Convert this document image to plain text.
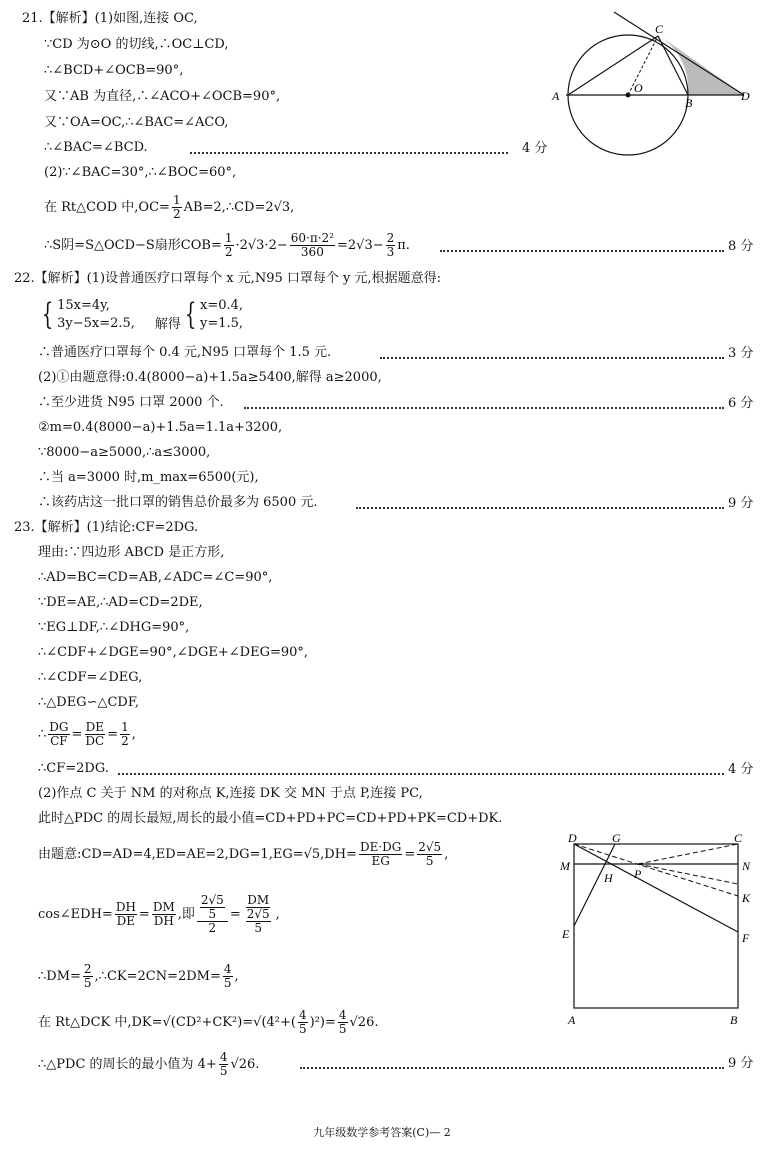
21.【解析】(1)如图,连接 OC,
∵CD 为⊙O 的切线,∴OC⊥CD,
∴∠BCD+∠OCB=90°,
又∵AB 为直径,∴∠ACO+∠OCB=90°,
又∵OA=OC,∴∠BAC=∠ACO,
∴∠BAC=∠BCD.	4 分
(2)∵∠BAC=30°,∴∠BOC=60°,
在 Rt△COD 中$,OC= \frac{1}{2}$ AB=2,∴CD=2√3,
∴S阴=S△OCD−S扇形$COB= \frac{1}{2} \cdot 2√3\cdot 2- \frac{\text{60·π·2²}}{360} =2√3- \frac{2}{3} \pi$.	8 分
A
O
B	D
C
22.【解析】(1)设普通医疗口罩每个 x 元,N95 口罩每个 y 元,根据题意得:
{ 15x=4y,
3y−5x=2.5, 解得 { x=0.4,
y=1.5,
∴普通医疗口罩每个 0.4 元,N95 口罩每个 1.5 元.	3 分
(2)①由题意得:0.4(8000−a)+1.5a≥5400,解得 a≥2000,
∴至少进货 N95 口罩 2000 个.	6 分
②m=0.4(8000−a)+1.5a=1.1a+3200,
∵8000−a≥5000,∴a≤3000,
∴当 a=3000 时,m_max=6500(元),
∴该药店这一批口罩的销售总价最多为 6500 元.	9 分
23.【解析】(1)结论:CF=2DG.
理由:∵四边形 ABCD 是正方形,
∴AD=BC=CD=AB,∠ADC=∠C=90°,
∵DE=AE,∴AD=CD=2DE,
∵EG⊥DF,∴∠DHG=90°,
∴∠CDF+∠DGE=90°,∠DGE+∠DEG=90°,
∴∠CDF=∠DEG,
∴△DEG∽△CDF,
∴ $\frac{DG}{CF} = \frac{DE}{DC} = \frac{1}{2}$ ,
∴CF=2DG.	4 分
(2)作点 C 关于 NM 的对称点 K,连接 DK 交 MN 于点 P,连接 PC,
此时△PDC 的周长最短,周长的最小值=CD+PD+PC=CD+PD+PK=CD+DK.
由题意:CD=AD=4,ED=AE=2,DG=1,EG=√5,DH= $\frac{DE\cdot DG}{EG} = \frac{2√5}{5}$ ,
cos∠EDH= $\frac{DH}{DE} = \frac{DM}{DH}$ ,即 $\frac{\frac{2√5}{5}}{2} = \frac{DM}{\frac{2√5}{5}}$ ,
∴DM= $\frac{2}{5}$ ,∴CK=2CN=2DM= $\frac{4}{5}$ ,
在 Rt△DCK 中$,DK=√(CD^2+CK^2)=√(4^2+( \frac{4}{5} )^2)= \frac{4}{5} √26$.
∴△PDC 的周长的最小值为 $4+ \frac{4}{5} √26$.	9 分
D	G	C
M	N
H P
K
E	F
A	B
九年级数学参考答案(C)— 2
